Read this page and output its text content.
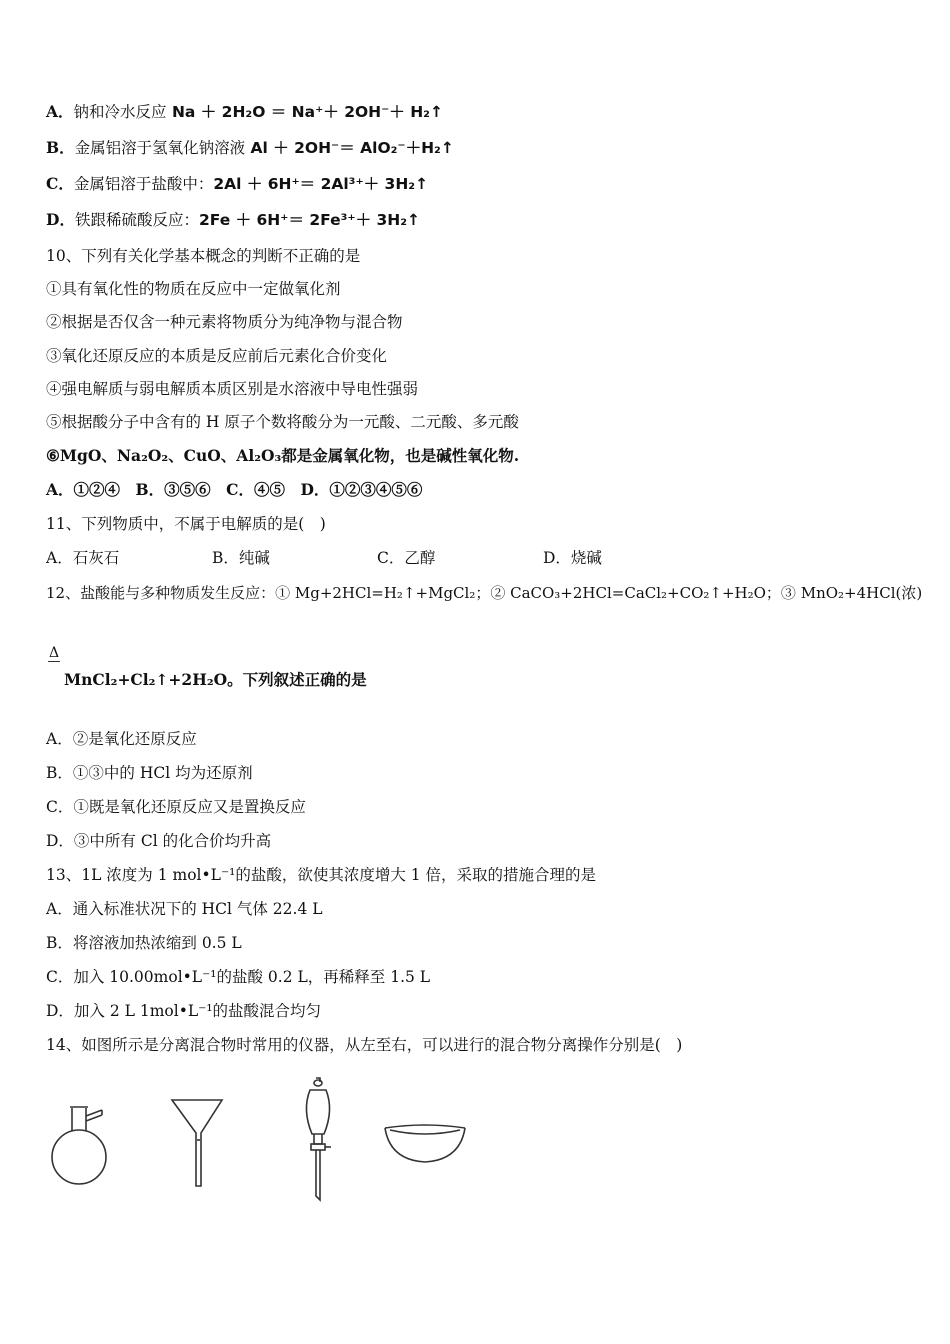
A．钠和冷水反应 Na ＋ 2H₂O ＝ Na⁺＋ 2OH⁻＋ H₂↑
B．金属铝溶于氢氧化钠溶液 Al ＋ 2OH⁻＝ AlO₂⁻＋H₂↑
C．金属铝溶于盐酸中：2Al ＋ 6H⁺＝ 2Al³⁺＋ 3H₂↑
D．铁跟稀硫酸反应：2Fe ＋ 6H⁺＝ 2Fe³⁺＋ 3H₂↑
10、下列有关化学基本概念的判断不正确的是
①具有氧化性的物质在反应中一定做氧化剂
②根据是否仅含一种元素将物质分为纯净物与混合物
③氧化还原反应的本质是反应前后元素化合价变化
④强电解质与弱电解质本质区别是水溶液中导电性强弱
⑤根据酸分子中含有的 H 原子个数将酸分为一元酸、二元酸、多元酸
⑥MgO、Na₂O₂、CuO、Al₂O₃都是金属氧化物，也是碱性氧化物.
A．①②④　B．③⑤⑥　C．④⑤　D．①②③④⑤⑥
11、下列物质中，不属于电解质的是(　)
A．石灰石	B．纯碱	C．乙醇	D．烧碱
12、盐酸能与多种物质发生反应：① Mg+2HCl=H₂↑+MgCl₂；② CaCO₃+2HCl=CaCl₂+CO₂↑+H₂O；③ MnO₂+4HCl(浓)
Δ
MnCl₂+Cl₂↑+2H₂O。下列叙述正确的是
A．②是氧化还原反应
B．①③中的 HCl 均为还原剂
C．①既是氧化还原反应又是置换反应
D．③中所有 Cl 的化合价均升高
13、1L 浓度为 1 mol•L⁻¹的盐酸，欲使其浓度增大 1 倍，采取的措施合理的是
A．通入标准状况下的 HCl 气体 22.4 L
B．将溶液加热浓缩到 0.5 L
C．加入 10.00mol•L⁻¹的盐酸 0.2 L，再稀释至 1.5 L
D．加入 2 L 1mol•L⁻¹的盐酸混合均匀
14、如图所示是分离混合物时常用的仪器，从左至右，可以进行的混合物分离操作分别是(　)
